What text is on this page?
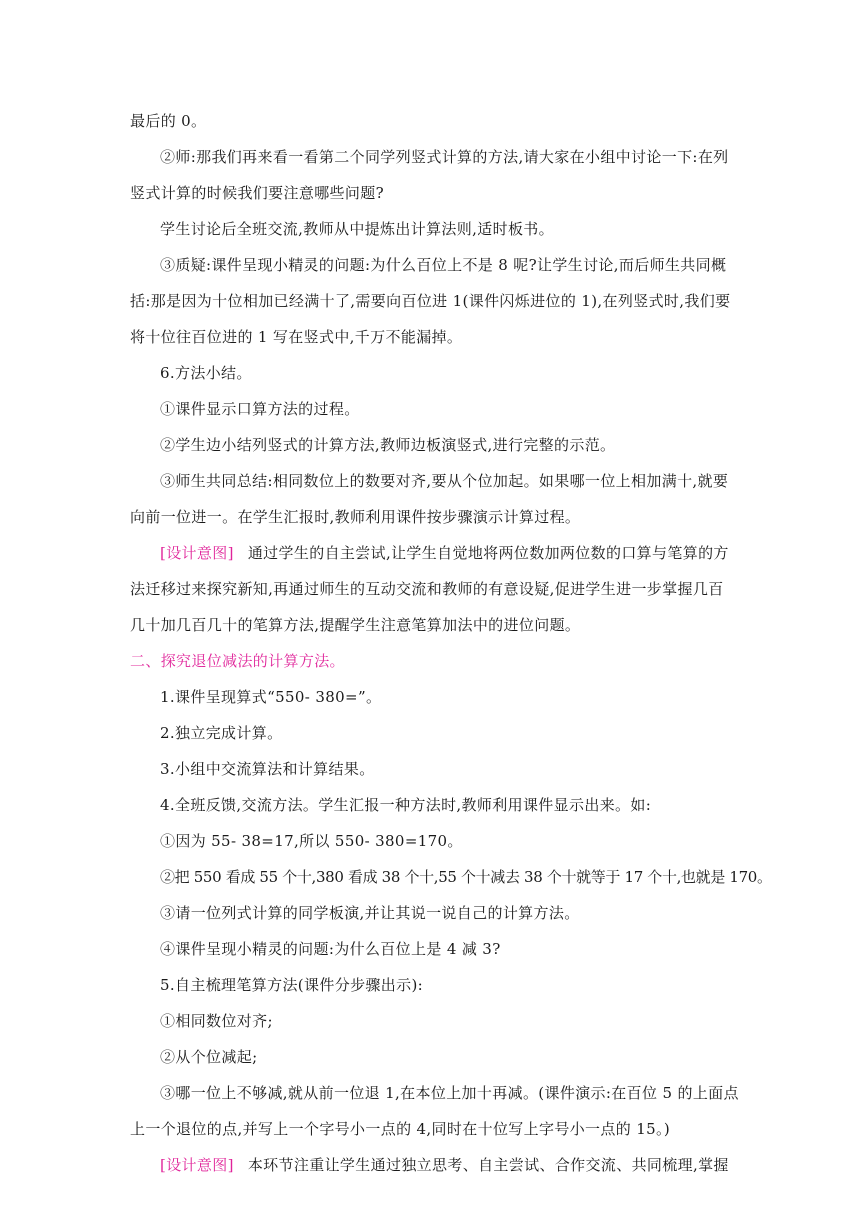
最后的 0。
②师:那我们再来看一看第二个同学列竖式计算的方法,请大家在小组中讨论一下:在列
竖式计算的时候我们要注意哪些问题?
学生讨论后全班交流,教师从中提炼出计算法则,适时板书。
③质疑:课件呈现小精灵的问题:为什么百位上不是 8 呢?让学生讨论,而后师生共同概
括:那是因为十位相加已经满十了,需要向百位进 1(课件闪烁进位的 1),在列竖式时,我们要
将十位往百位进的 1 写在竖式中,千万不能漏掉。
6.方法小结。
①课件显示口算方法的过程。
②学生边小结列竖式的计算方法,教师边板演竖式,进行完整的示范。
③师生共同总结:相同数位上的数要对齐,要从个位加起。如果哪一位上相加满十,就要
向前一位进一。在学生汇报时,教师利用课件按步骤演示计算过程。
[设计意图] 通过学生的自主尝试,让学生自觉地将两位数加两位数的口算与笔算的方
法迁移过来探究新知,再通过师生的互动交流和教师的有意设疑,促进学生进一步掌握几百
几十加几百几十的笔算方法,提醒学生注意笔算加法中的进位问题。
二、探究退位减法的计算方法。
1.课件呈现算式“550- 380=”。
2.独立完成计算。
3.小组中交流算法和计算结果。
4.全班反馈,交流方法。学生汇报一种方法时,教师利用课件显示出来。如:
①因为 55- 38=17,所以 550- 380=170。
②把 550 看成 55 个十,380 看成 38 个十,55 个十减去 38 个十就等于 17 个十,也就是 170。
③请一位列式计算的同学板演,并让其说一说自己的计算方法。
④课件呈现小精灵的问题:为什么百位上是 4 减 3?
5.自主梳理笔算方法(课件分步骤出示):
①相同数位对齐;
②从个位减起;
③哪一位上不够减,就从前一位退 1,在本位上加十再减。(课件演示:在百位 5 的上面点
上一个退位的点,并写上一个字号小一点的 4,同时在十位写上字号小一点的 15。)
[设计意图] 本环节注重让学生通过独立思考、自主尝试、合作交流、共同梳理,掌握
